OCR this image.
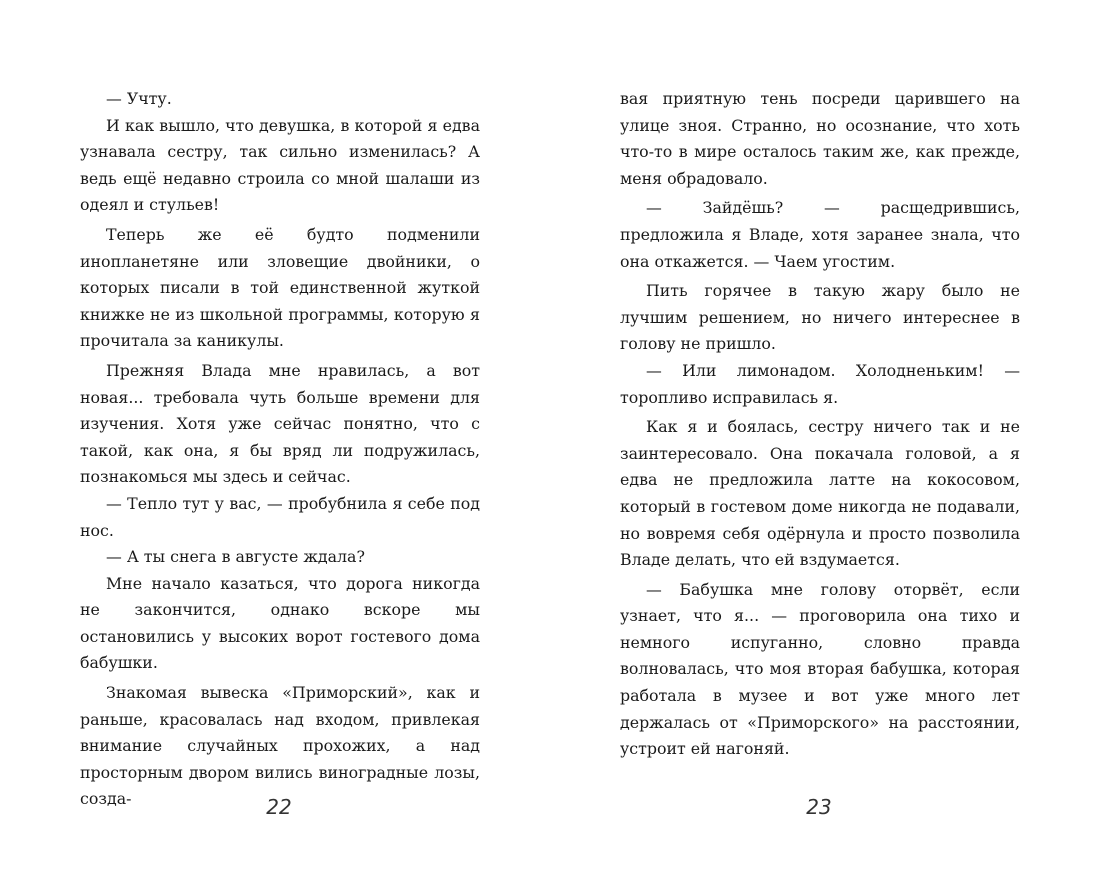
— Учту.

И как вышло, что девушка, в которой я едва узнавала сестру, так сильно изменилась? А ведь ещё недавно строила со мной шалаши из одеял и стульев!

Теперь же её будто подменили инопланетяне или зловещие двойники, о которых писали в той единственной жуткой книжке не из школьной программы, которую я прочитала за каникулы.

Прежняя Влада мне нравилась, а вот новая... требовала чуть больше времени для изучения. Хотя уже сейчас понятно, что с такой, как она, я бы вряд ли подружилась, познакомься мы здесь и сейчас.

— Тепло тут у вас, — пробубнила я себе под нос.

— А ты снега в августе ждала?

Мне начало казаться, что дорога никогда не закончится, однако вскоре мы остановились у высоких ворот гостевого дома бабушки.

Знакомая вывеска «Приморский», как и раньше, красовалась над входом, привлекая внимание случайных прохожих, а над просторным двором вились виноградные лозы, созда-

вая приятную тень посреди царившего на улице зноя. Странно, но осознание, что хоть что-то в мире осталось таким же, как прежде, меня обрадовало.

— Зайдёшь? — расщедрившись, предложила я Владе, хотя заранее знала, что она откажется. — Чаем угостим.

Пить горячее в такую жару было не лучшим решением, но ничего интереснее в голову не пришло.

— Или лимонадом. Холодненьким! — торопливо исправилась я.

Как я и боялась, сестру ничего так и не заинтересовало. Она покачала головой, а я едва не предложила латте на кокосовом, который в гостевом доме никогда не подавали, но вовремя себя одёрнула и просто позволила Владе делать, что ей вздумается.

— Бабушка мне голову оторвёт, если узнает, что я... — проговорила она тихо и немного испуганно, словно правда волновалась, что моя вторая бабушка, которая работала в музее и вот уже много лет держалась от «Приморского» на расстоянии, устроит ей нагоняй.

22	23
